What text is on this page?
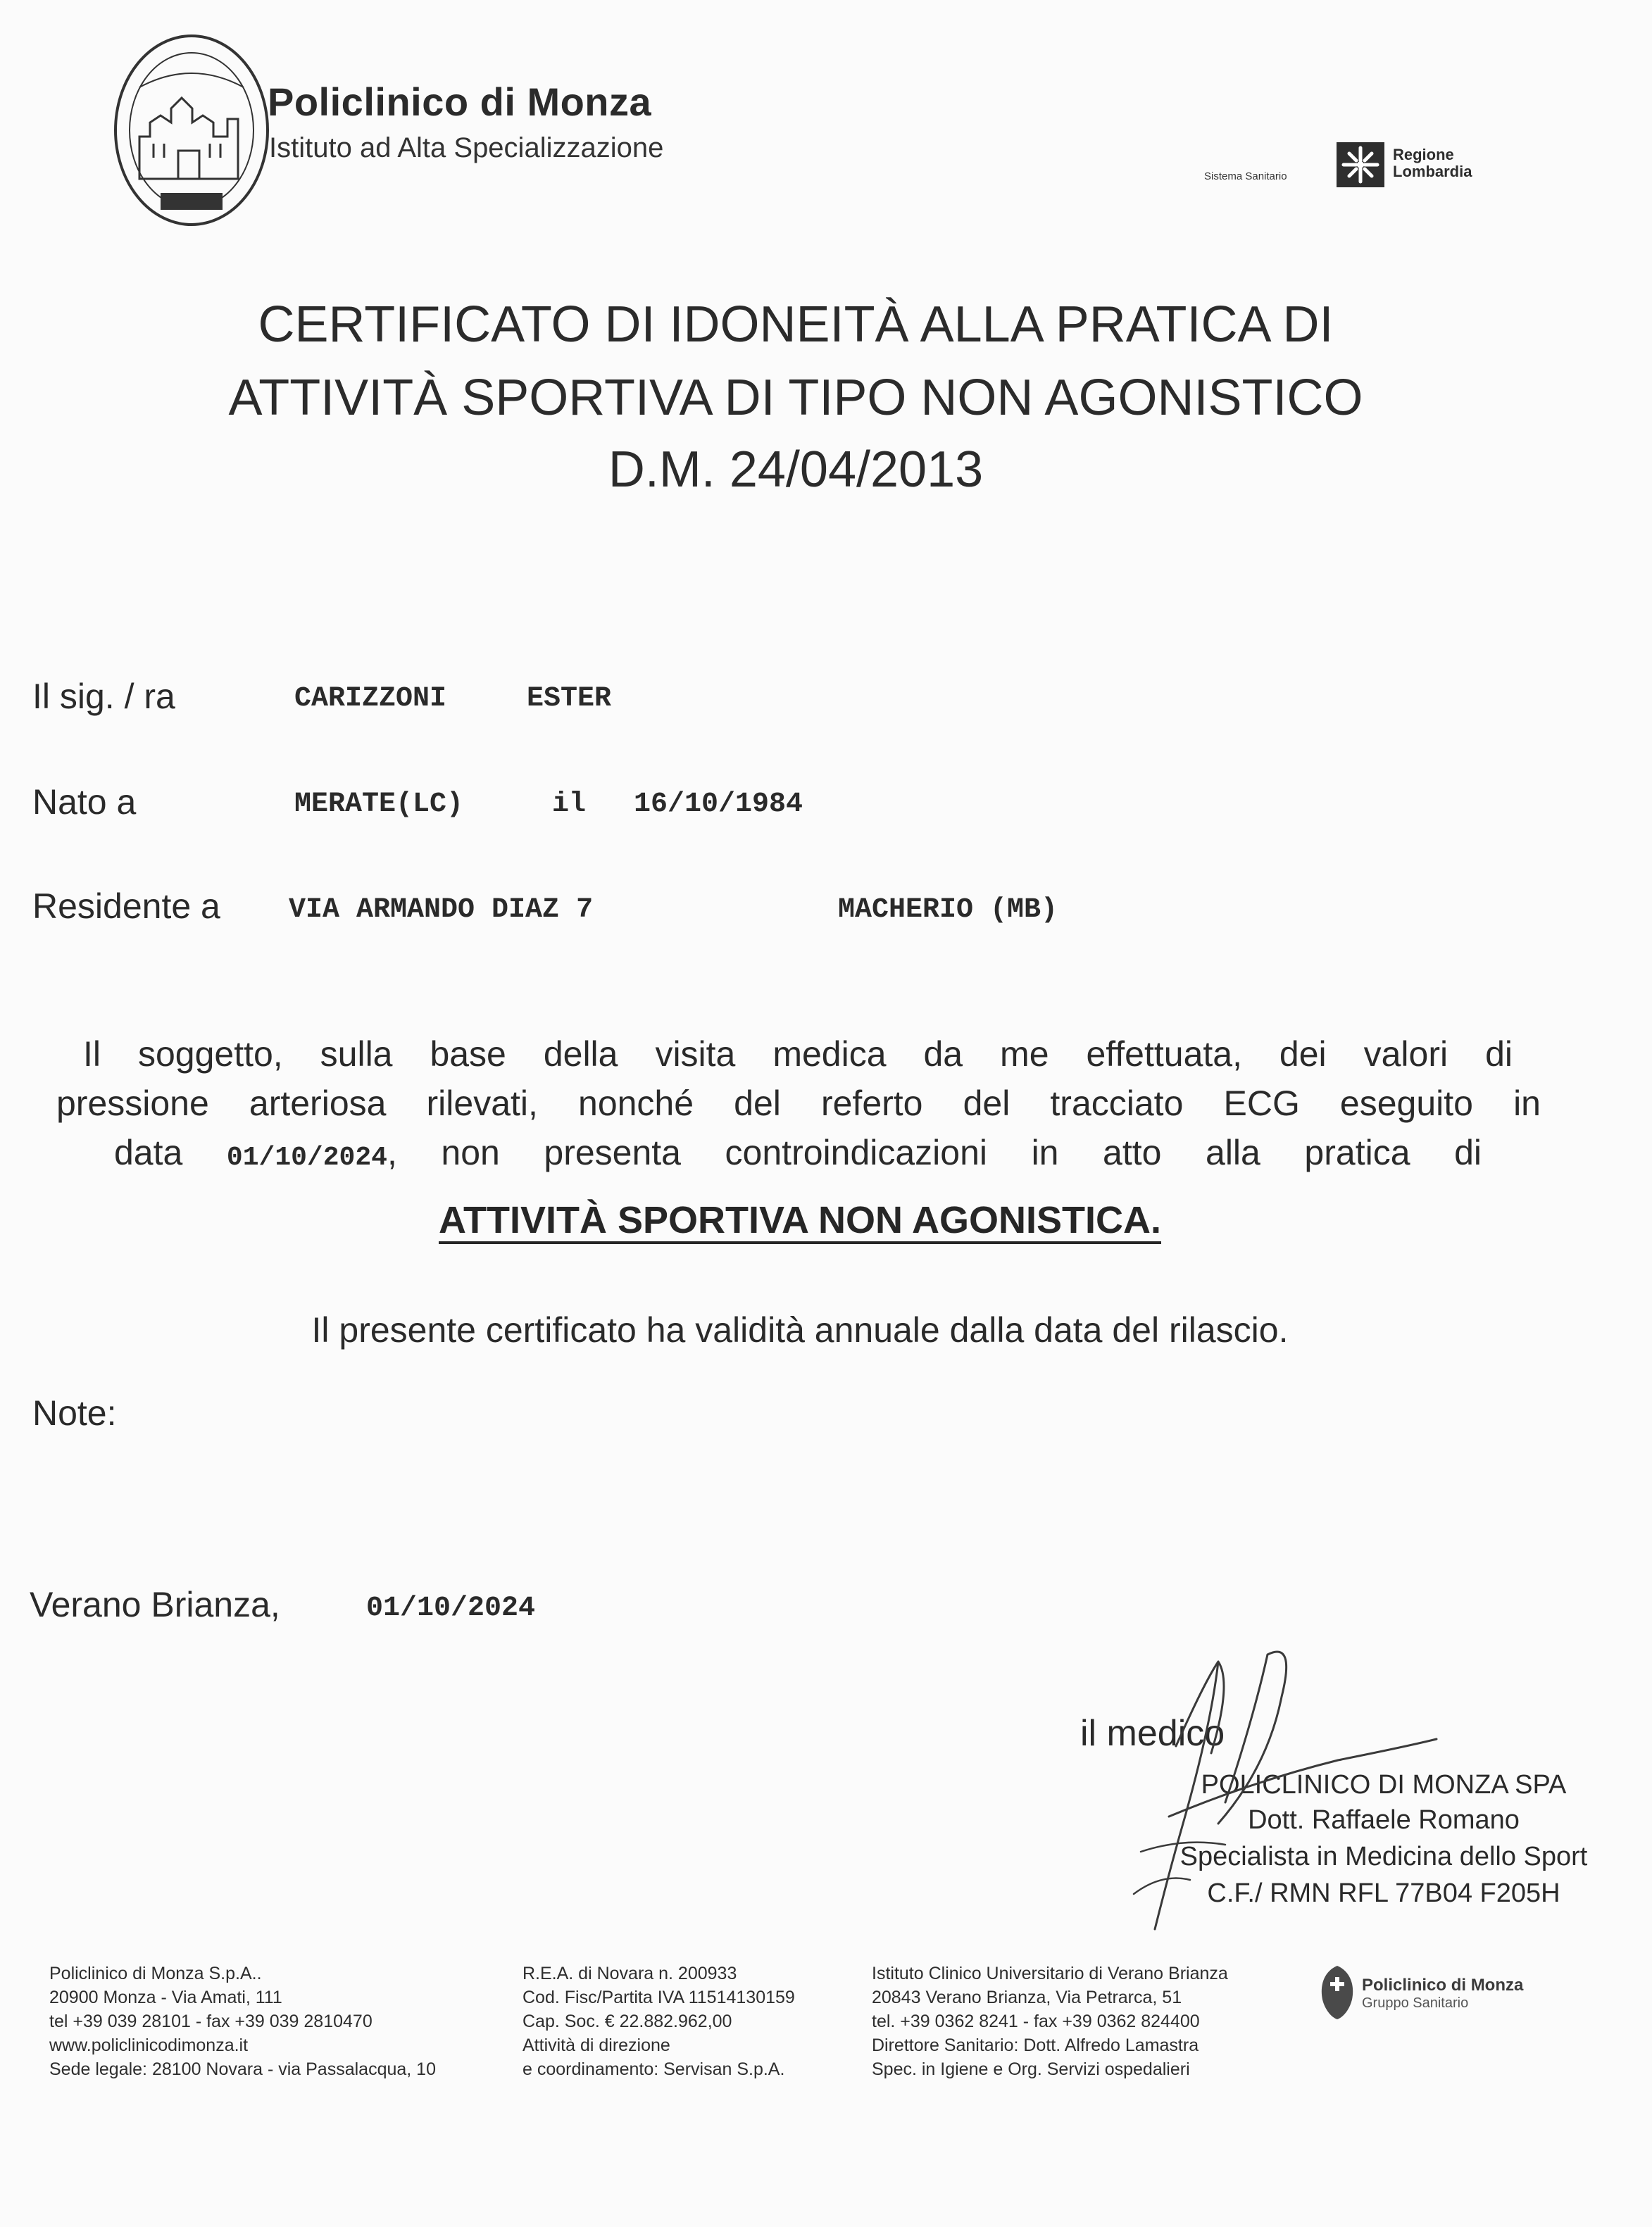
Policlinico di Monza
Istituto ad Alta Specializzazione
Sistema Sanitario
Regione
Lombardia
CERTIFICATO DI IDONEITÀ ALLA PRATICA DI
ATTIVITÀ SPORTIVA DI TIPO NON AGONISTICO
D.M. 24/04/2013
Il sig. / ra	CARIZZONI	ESTER
Nato a	MERATE(LC)	il 16/10/1984
Residente a VIA ARMANDO DIAZ 7	MACHERIO (MB)
Il soggetto, sulla base della visita medica da me effettuata, dei valori di
pressione arteriosa rilevati, nonché del referto del tracciato ECG eseguito in
data 01/10/2024, non presenta controindicazioni in atto alla pratica di
ATTIVITÀ SPORTIVA NON AGONISTICA.
Il presente certificato ha validità annuale dalla data del rilascio.
Note:
Verano Brianza,	01/10/2024
il medico
POLICLINICO DI MONZA SPA
Dott. Raffaele Romano
Specialista in Medicina dello Sport
C.F./ RMN RFL 77B04 F205H
Policlinico di Monza S.p.A..
20900 Monza - Via Amati, 111
tel +39 039 28101 - fax +39 039 2810470
www.policlinicodimonza.it
Sede legale: 28100 Novara - via Passalacqua, 10
R.E.A. di Novara n. 200933
Cod. Fisc/Partita IVA 11514130159
Cap. Soc. € 22.882.962,00
Attività di direzione
e coordinamento: Servisan S.p.A.
Istituto Clinico Universitario di Verano Brianza
20843 Verano Brianza, Via Petrarca, 51
tel. +39 0362 8241 - fax +39 0362 824400
Direttore Sanitario: Dott. Alfredo Lamastra
Spec. in Igiene e Org. Servizi ospedalieri
Policlinico di Monza
Gruppo Sanitario
